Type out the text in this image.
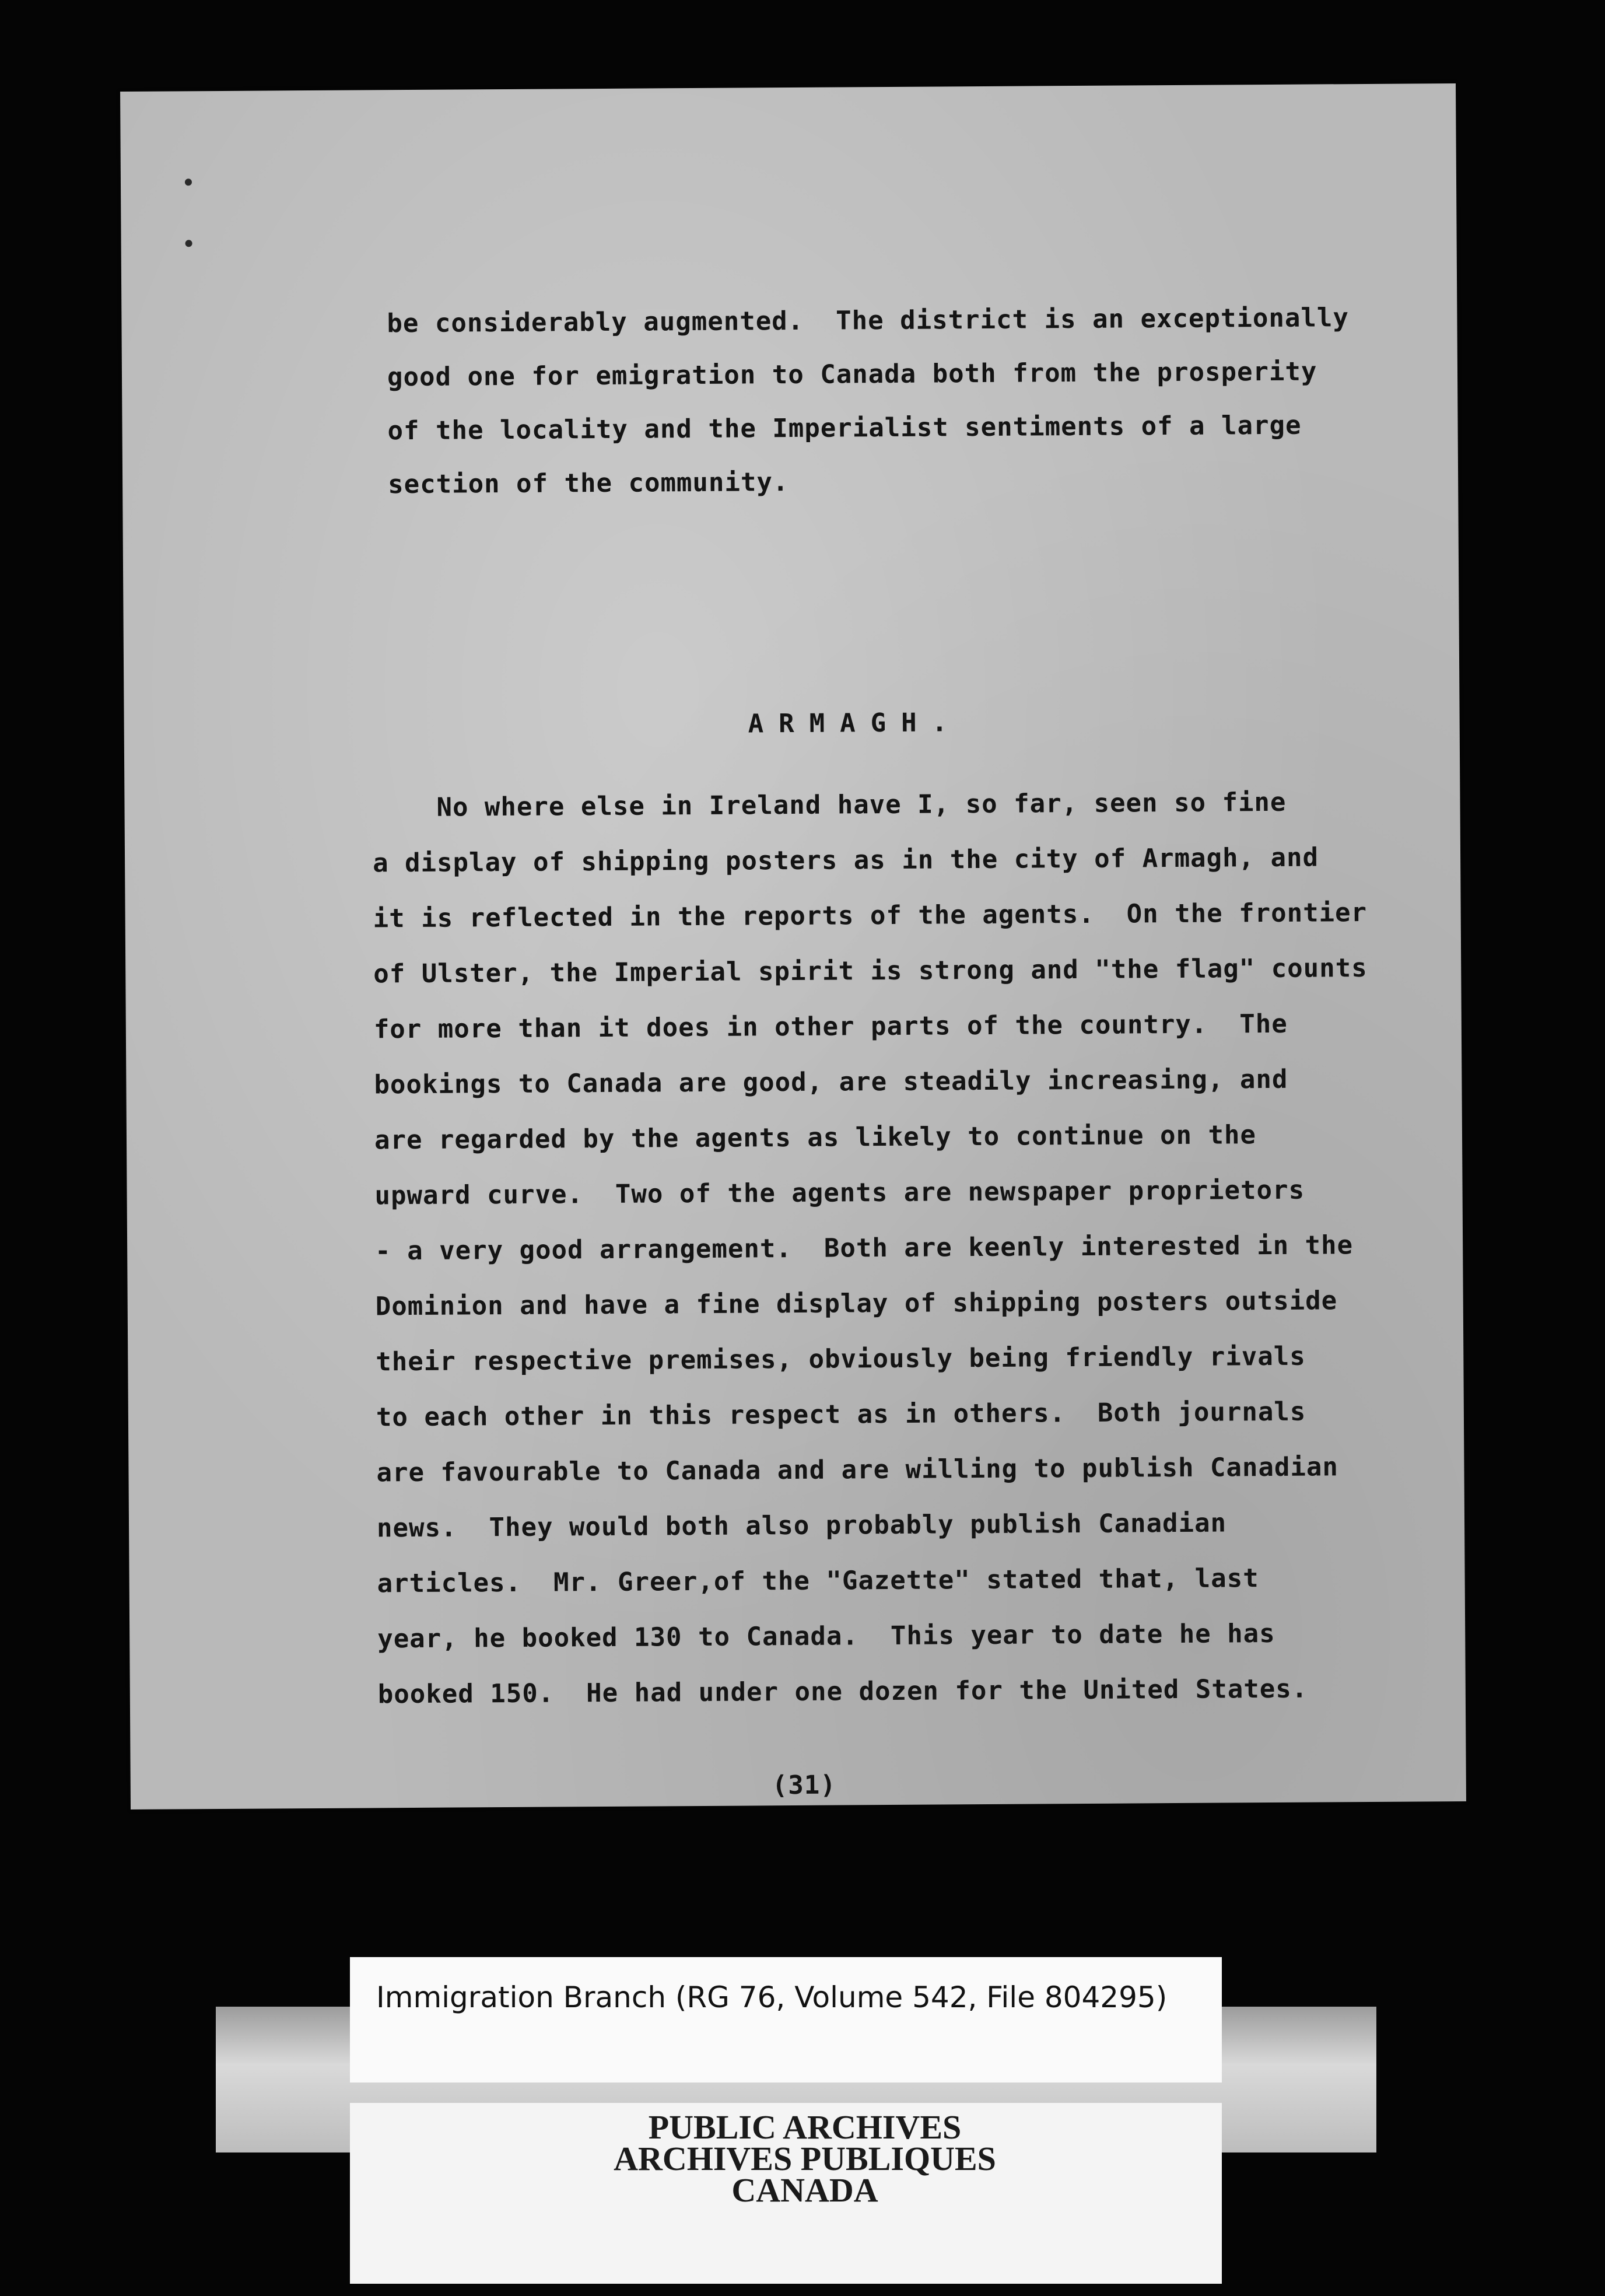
be considerably augmented.  The district is an exceptionally
good one for emigration to Canada both from the prosperity
of the locality and the Imperialist sentiments of a large
section of the community.
ARMAGH.
No where else in Ireland have I, so far, seen so fine
a display of shipping posters as in the city of Armagh, and
it is reflected in the reports of the agents.  On the frontier
of Ulster, the Imperial spirit is strong and "the flag" counts
for more than it does in other parts of the country.  The
bookings to Canada are good, are steadily increasing, and
are regarded by the agents as likely to continue on the
upward curve.  Two of the agents are newspaper proprietors
- a very good arrangement.  Both are keenly interested in the
Dominion and have a fine display of shipping posters outside
their respective premises, obviously being friendly rivals
to each other in this respect as in others.  Both journals
are favourable to Canada and are willing to publish Canadian
news.  They would both also probably publish Canadian
articles.  Mr. Greer,of the "Gazette" stated that, last
year, he booked 130 to Canada.  This year to date he has
booked 150.  He had under one dozen for the United States.
(31)
Immigration Branch (RG 76, Volume 542, File 804295)
PUBLIC ARCHIVES
ARCHIVES PUBLIQUES
CANADA
